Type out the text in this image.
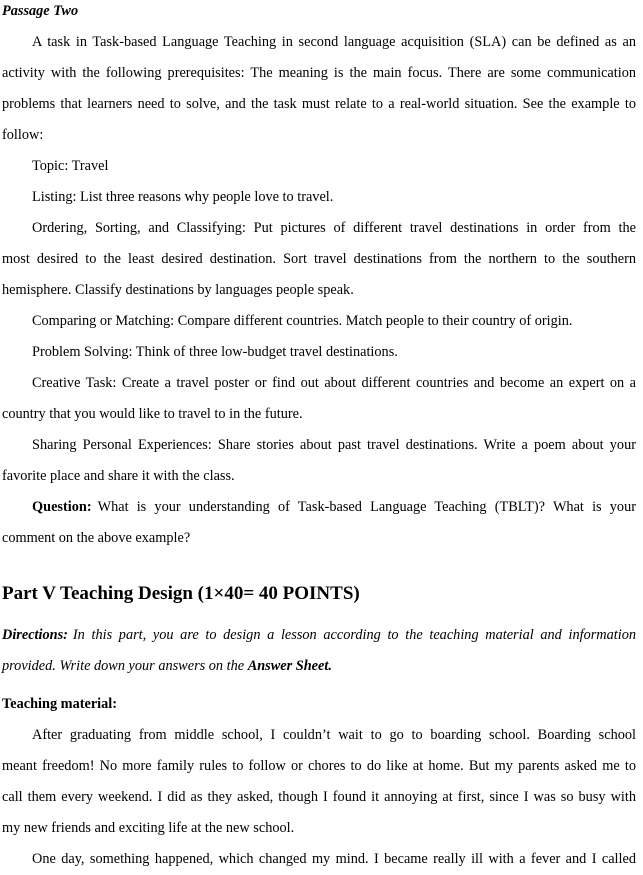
Passage Two
A task in Task-based Language Teaching in second language acquisition (SLA) can be defined as an
activity with the following prerequisites: The meaning is the main focus. There are some communication
problems that learners need to solve, and the task must relate to a real-world situation. See the example to
follow:
Topic: Travel
Listing: List three reasons why people love to travel.
Ordering, Sorting, and Classifying: Put pictures of different travel destinations in order from the
most desired to the least desired destination. Sort travel destinations from the northern to the southern
hemisphere. Classify destinations by languages people speak.
Comparing or Matching: Compare different countries. Match people to their country of origin.
Problem Solving: Think of three low-budget travel destinations.
Creative Task: Create a travel poster or find out about different countries and become an expert on a
country that you would like to travel to in the future.
Sharing Personal Experiences: Share stories about past travel destinations. Write a poem about your
favorite place and share it with the class.
Question: What is your understanding of Task-based Language Teaching (TBLT)? What is your
comment on the above example?
Part V Teaching Design (1×40= 40 POINTS)
Directions: In this part, you are to design a lesson according to the teaching material and information
provided. Write down your answers on the Answer Sheet.
Teaching material:
After graduating from middle school, I couldn’t wait to go to boarding school. Boarding school
meant freedom! No more family rules to follow or chores to do like at home. But my parents asked me to
call them every weekend. I did as they asked, though I found it annoying at first, since I was so busy with
my new friends and exciting life at the new school.
One day, something happened, which changed my mind. I became really ill with a fever and I called
